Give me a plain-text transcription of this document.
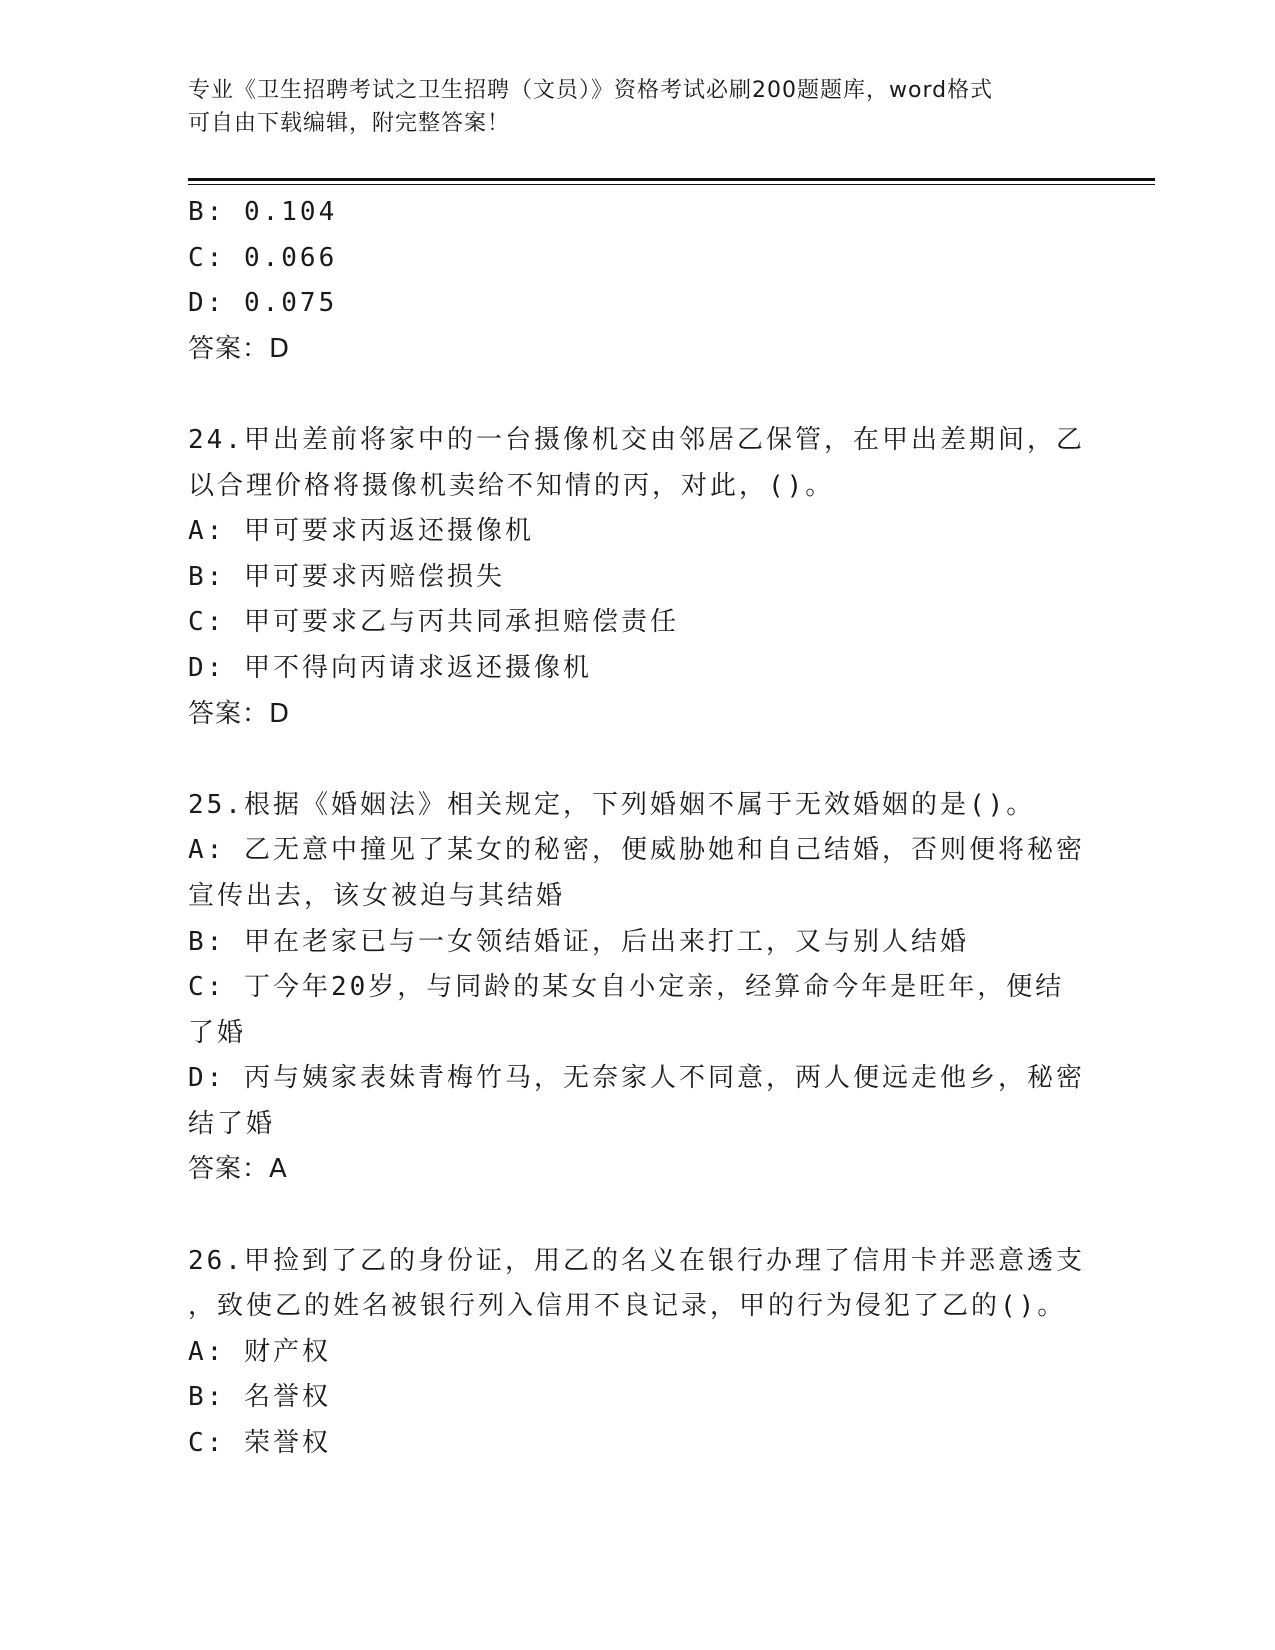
专业《卫生招聘考试之卫生招聘（文员）》资格考试必刷200题题库，word格式
可自由下载编辑，附完整答案！
B: 0.104
C: 0.066
D: 0.075
答案：D
24.甲出差前将家中的一台摄像机交由邻居乙保管，在甲出差期间，乙
以合理价格将摄像机卖给不知情的丙，对此，()。
A: 甲可要求丙返还摄像机
B: 甲可要求丙赔偿损失
C: 甲可要求乙与丙共同承担赔偿责任
D: 甲不得向丙请求返还摄像机
答案：D
25.根据《婚姻法》相关规定，下列婚姻不属于无效婚姻的是()。
A: 乙无意中撞见了某女的秘密，便威胁她和自己结婚，否则便将秘密
宣传出去，该女被迫与其结婚
B: 甲在老家已与一女领结婚证，后出来打工，又与别人结婚
C: 丁今年20岁，与同龄的某女自小定亲，经算命今年是旺年，便结
了婚
D: 丙与姨家表妹青梅竹马，无奈家人不同意，两人便远走他乡，秘密
结了婚
答案：A
26.甲捡到了乙的身份证，用乙的名义在银行办理了信用卡并恶意透支
，致使乙的姓名被银行列入信用不良记录，甲的行为侵犯了乙的()。
A: 财产权
B: 名誉权
C: 荣誉权
